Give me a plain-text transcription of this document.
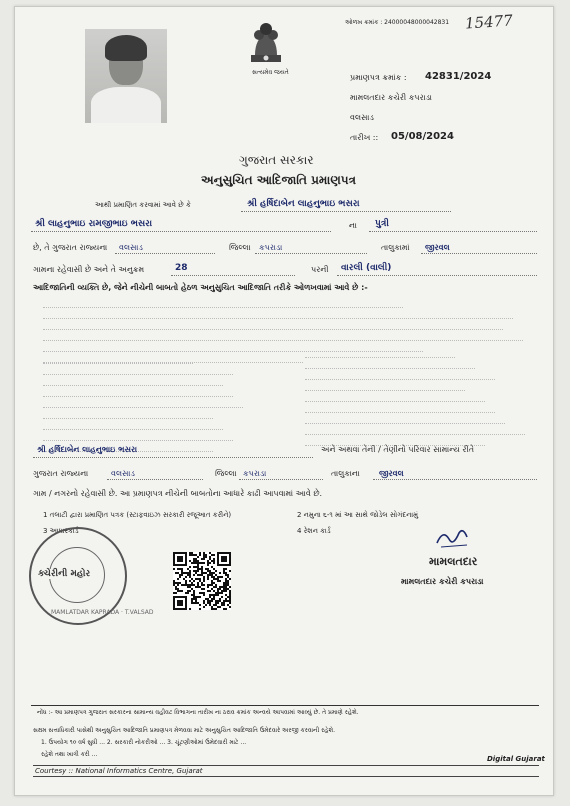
15477
ઓળખ ક્રમાંક : 24000048000042831
સત્યમેવ જયતે
પ્રમાણપત્ર ક્રમાંક : 42831/2024
મામલતદાર કચેરી કપરાડા
વલસાડ
તારીખ :: 05/08/2024
ગુજરાત સરકાર
અનુસુચિત આદિજાતિ પ્રમાણપત્ર
આથી પ્રમાણિત કરવામાં આવે છે કે	શ્રી હર્ષિદાબેન લાહનુભાઇ ભસરા
શ્રી લાહનુભાઇ રામજીભાઇ ભસરા	ના પુત્રી
છે, તે ગુજરાત રાજ્યના વલસાડ	જિલ્લા કપરાડા	તાલુકામાં જીરવલ
ગામના રહેવાસી છે અને તે અનુક્રમ	28	પરની વારલી (વાલી)
આદિજાતિની વ્યક્તિ છે, જેને નીચેની બાબતો હેઠળ અનુસુચિત આદિજાતિ તરીકે ઓળખવામાં આવે છે :-
શ્રી હર્ષિદાબેન લાહનુભાઇ ભસરા	અને અથવા તેની / તેણીનો પરિવાર સામાન્ય રીતે
ગુજરાત રાજ્યના	વલસાડ	જિલ્લા કપરાડા	તાલુકાના જીરવલ
ગામ / નગરનો રહેવાસી છે. આ પ્રમાણપત્ર નીચેની બાબતોના આધારે કાઢી આપવામાં આવે છે.
1 તલાટી દ્વારા પ્રમાણિત પત્રક (સ્ટાફવાઇઝ સરકારી રજૂઆત કરીને)	2 નમુના ૬-૧ માં આ સાથે જોડેલ સોગંદનામું
3 આધારકાર્ડ	4 રેશન કાર્ડ
ક્ચેરીની મહોર
MAMLATDAR KAPRADA · T.VALSAD
મામલતદાર
મામલતદાર કચેરી કપરાડા
નોંધ :- આ પ્રમાણપત્ર ગુજરાત સરકારના સામાન્ય વહીવટ વિભાગના તારીખ ના ઠરાવ ક્રમાંક અન્વયે આપવામાં આવ્યું છે. તે પ્રમાણે રહેશે.
સક્ષમ સત્તાધિકારી પાસેથી અનુસુચિત આદિજાતિ પ્રમાણપત્ર મેળવવા માટે અનુસુચિત આદિજાતિ ઉમેદવારે અરજી કરવાની રહેશે.
1. ઉપયોગ ૧૦ વર્ષ સુધી ... 2. સરકારી નોકરીઓ ... 3. ચૂંટણીઓમાં ઉમેદવારી માટે ...
રહેશે તથા ખાત્રી કરી ...
Courtesy :: National Informatics Centre, Gujarat
Digital Gujarat
